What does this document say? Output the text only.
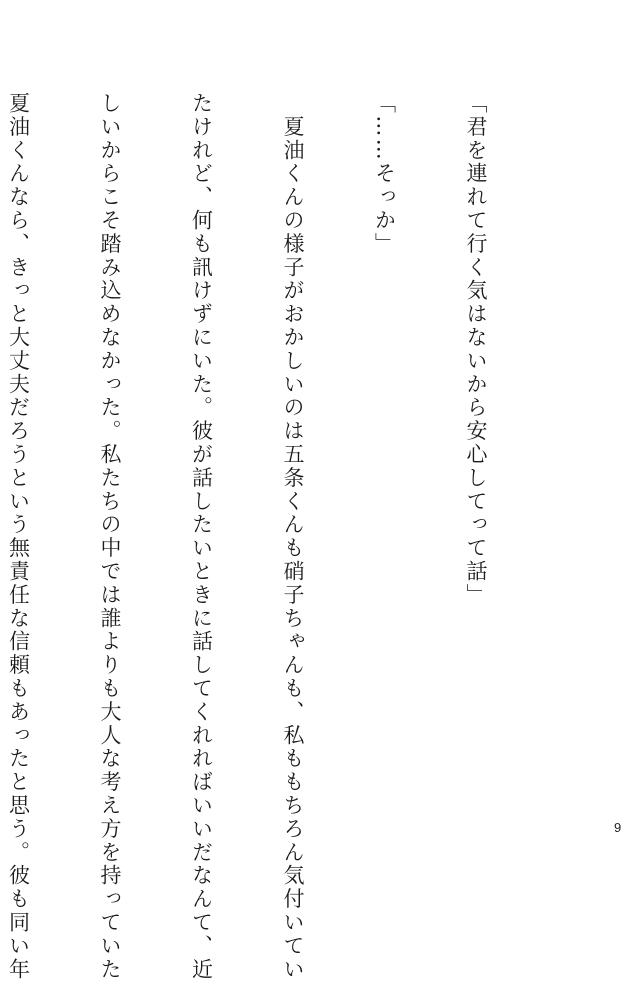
「君を連れて行く気はないから安心してって話」

「……そっか」

　夏油くんの様子がおかしいのは五条くんも硝子ちゃんも、私ももちろん気付いてい

たけれど、何も訊けずにいた。彼が話したいときに話してくれればいいだなんて、近

しいからこそ踏み込めなかった。私たちの中では誰よりも大人な考え方を持っていた

夏油くんなら、きっと大丈夫だろうという無責任な信頼もあったと思う。彼も同い年

	9
